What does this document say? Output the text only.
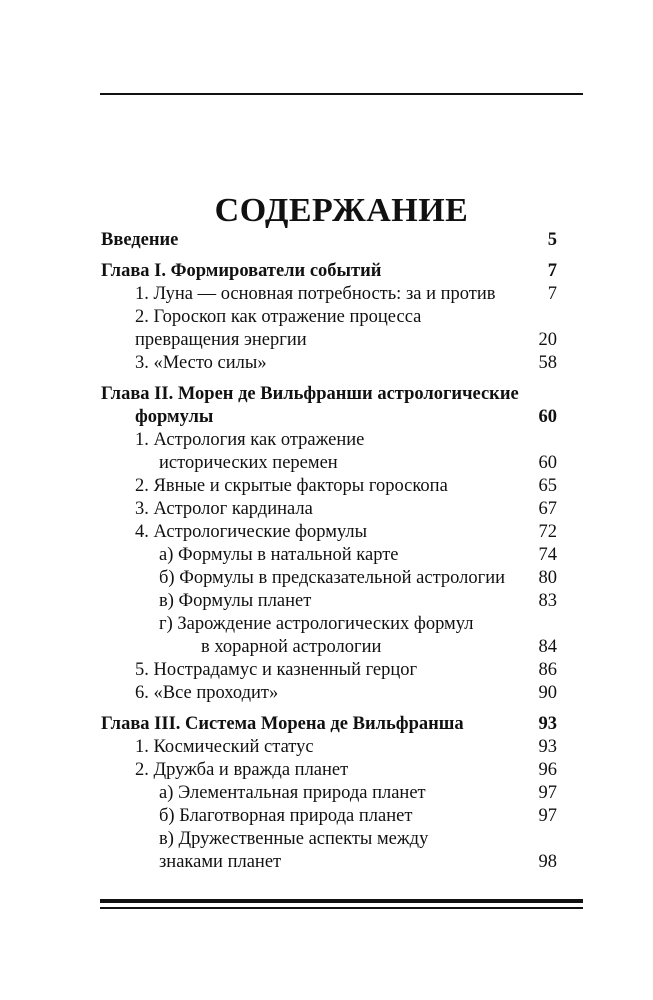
СОДЕРЖАНИЕ
Введение	5
Глава I. Формирователи событий	7
1. Луна — основная потребность: за и против	7
2. Гороскоп как отражение процесса
превращения энергии	20
3. «Место силы»	58
Глава II. Морен де Вильфранши астрологические
формулы	60
1. Астрология как отражение
исторических перемен	60
2. Явные и скрытые факторы гороскопа	65
3. Астролог кардинала	67
4. Астрологические формулы	72
а) Формулы в натальной карте	74
б) Формулы в предсказательной астрологии	80
в) Формулы планет	83
г) Зарождение астрологических формул
в хорарной астрологии	84
5. Нострадамус и казненный герцог	86
6. «Все проходит»	90
Глава III. Система Морена де Вильфранша	93
1. Космический статус	93
2. Дружба и вражда планет	96
а) Элементальная природа планет	97
б) Благотворная природа планет	97
в) Дружественные аспекты между
знаками планет	98
